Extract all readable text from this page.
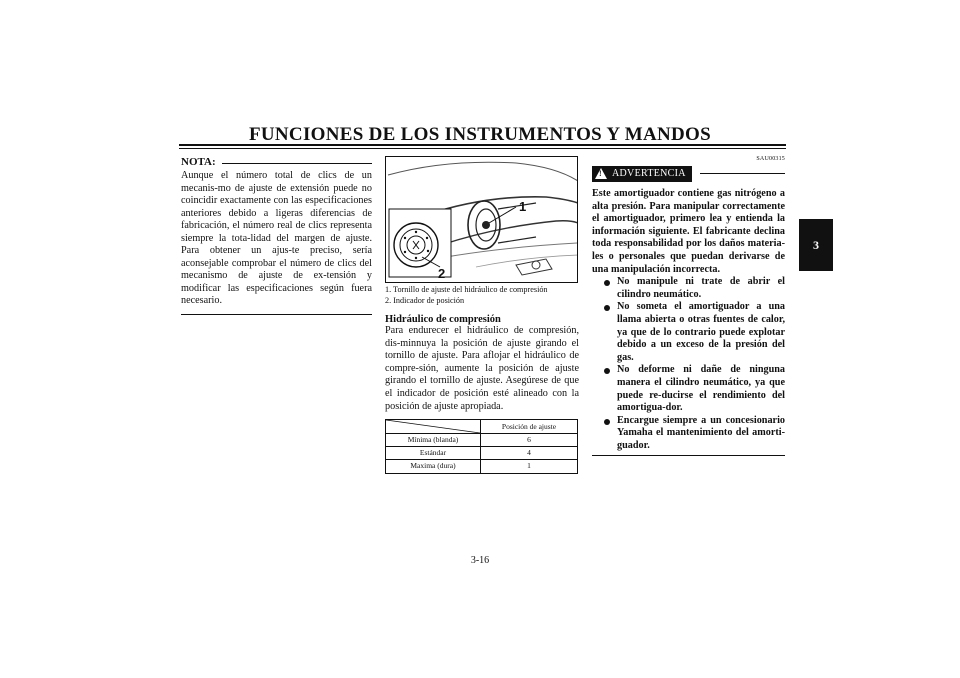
FUNCIONES DE LOS INSTRUMENTOS Y MANDOS
3
NOTA:
Aunque el número total de clics de un mecanis-mo de ajuste de extensión puede no coincidir exactamente con las especificaciones anteriores debido a ligeras diferencias de fabricación, el número real de clics representa siempre la tota-lidad del margen de ajuste. Para obtener un ajus-te preciso, sería aconsejable comprobar el número de clics del mecanismo de ajuste de ex-tensión y modificar las especificaciones según fuera necesario.
1
2
1. Tornillo de ajuste del hidráulico de compresión
2. Indicador de posición
Hidráulico de compresión
Para endurecer el hidráulico de compresión, dis-minnuya la posición de ajuste girando el tornillo de ajuste. Para aflojar el hidráulico de compre-sión, aumente la posición de ajuste girando el tornillo de ajuste. Asegúrese de que el indicador de posición esté alineado con la posición de ajuste apropiada.
Posición de ajuste
Mínima (blanda)	6
Estándar	4
Maxima (dura)	1
SAU00315
! ADVERTENCIA
Este amortiguador contiene gas nitrógeno a alta presión. Para manipular correctamente el amortiguador, primero lea y entienda la información siguiente. El fabricante declina toda responsabilidad por los daños materia-les o personales que puedan derivarse de una manipulación incorrecta.
No manipule ni trate de abrir el cilindro neumático.
No someta el amortiguador a una llama abierta o otras fuentes de calor, ya que de lo contrario puede explotar debido a un exceso de la presión del gas.
No deforme ni dañe de ninguna manera el cilindro neumático, ya que puede re-ducirse el rendimiento del amortigua-dor.
Encargue siempre a un concesionario Yamaha el mantenimiento del amorti-guador.
3-16
